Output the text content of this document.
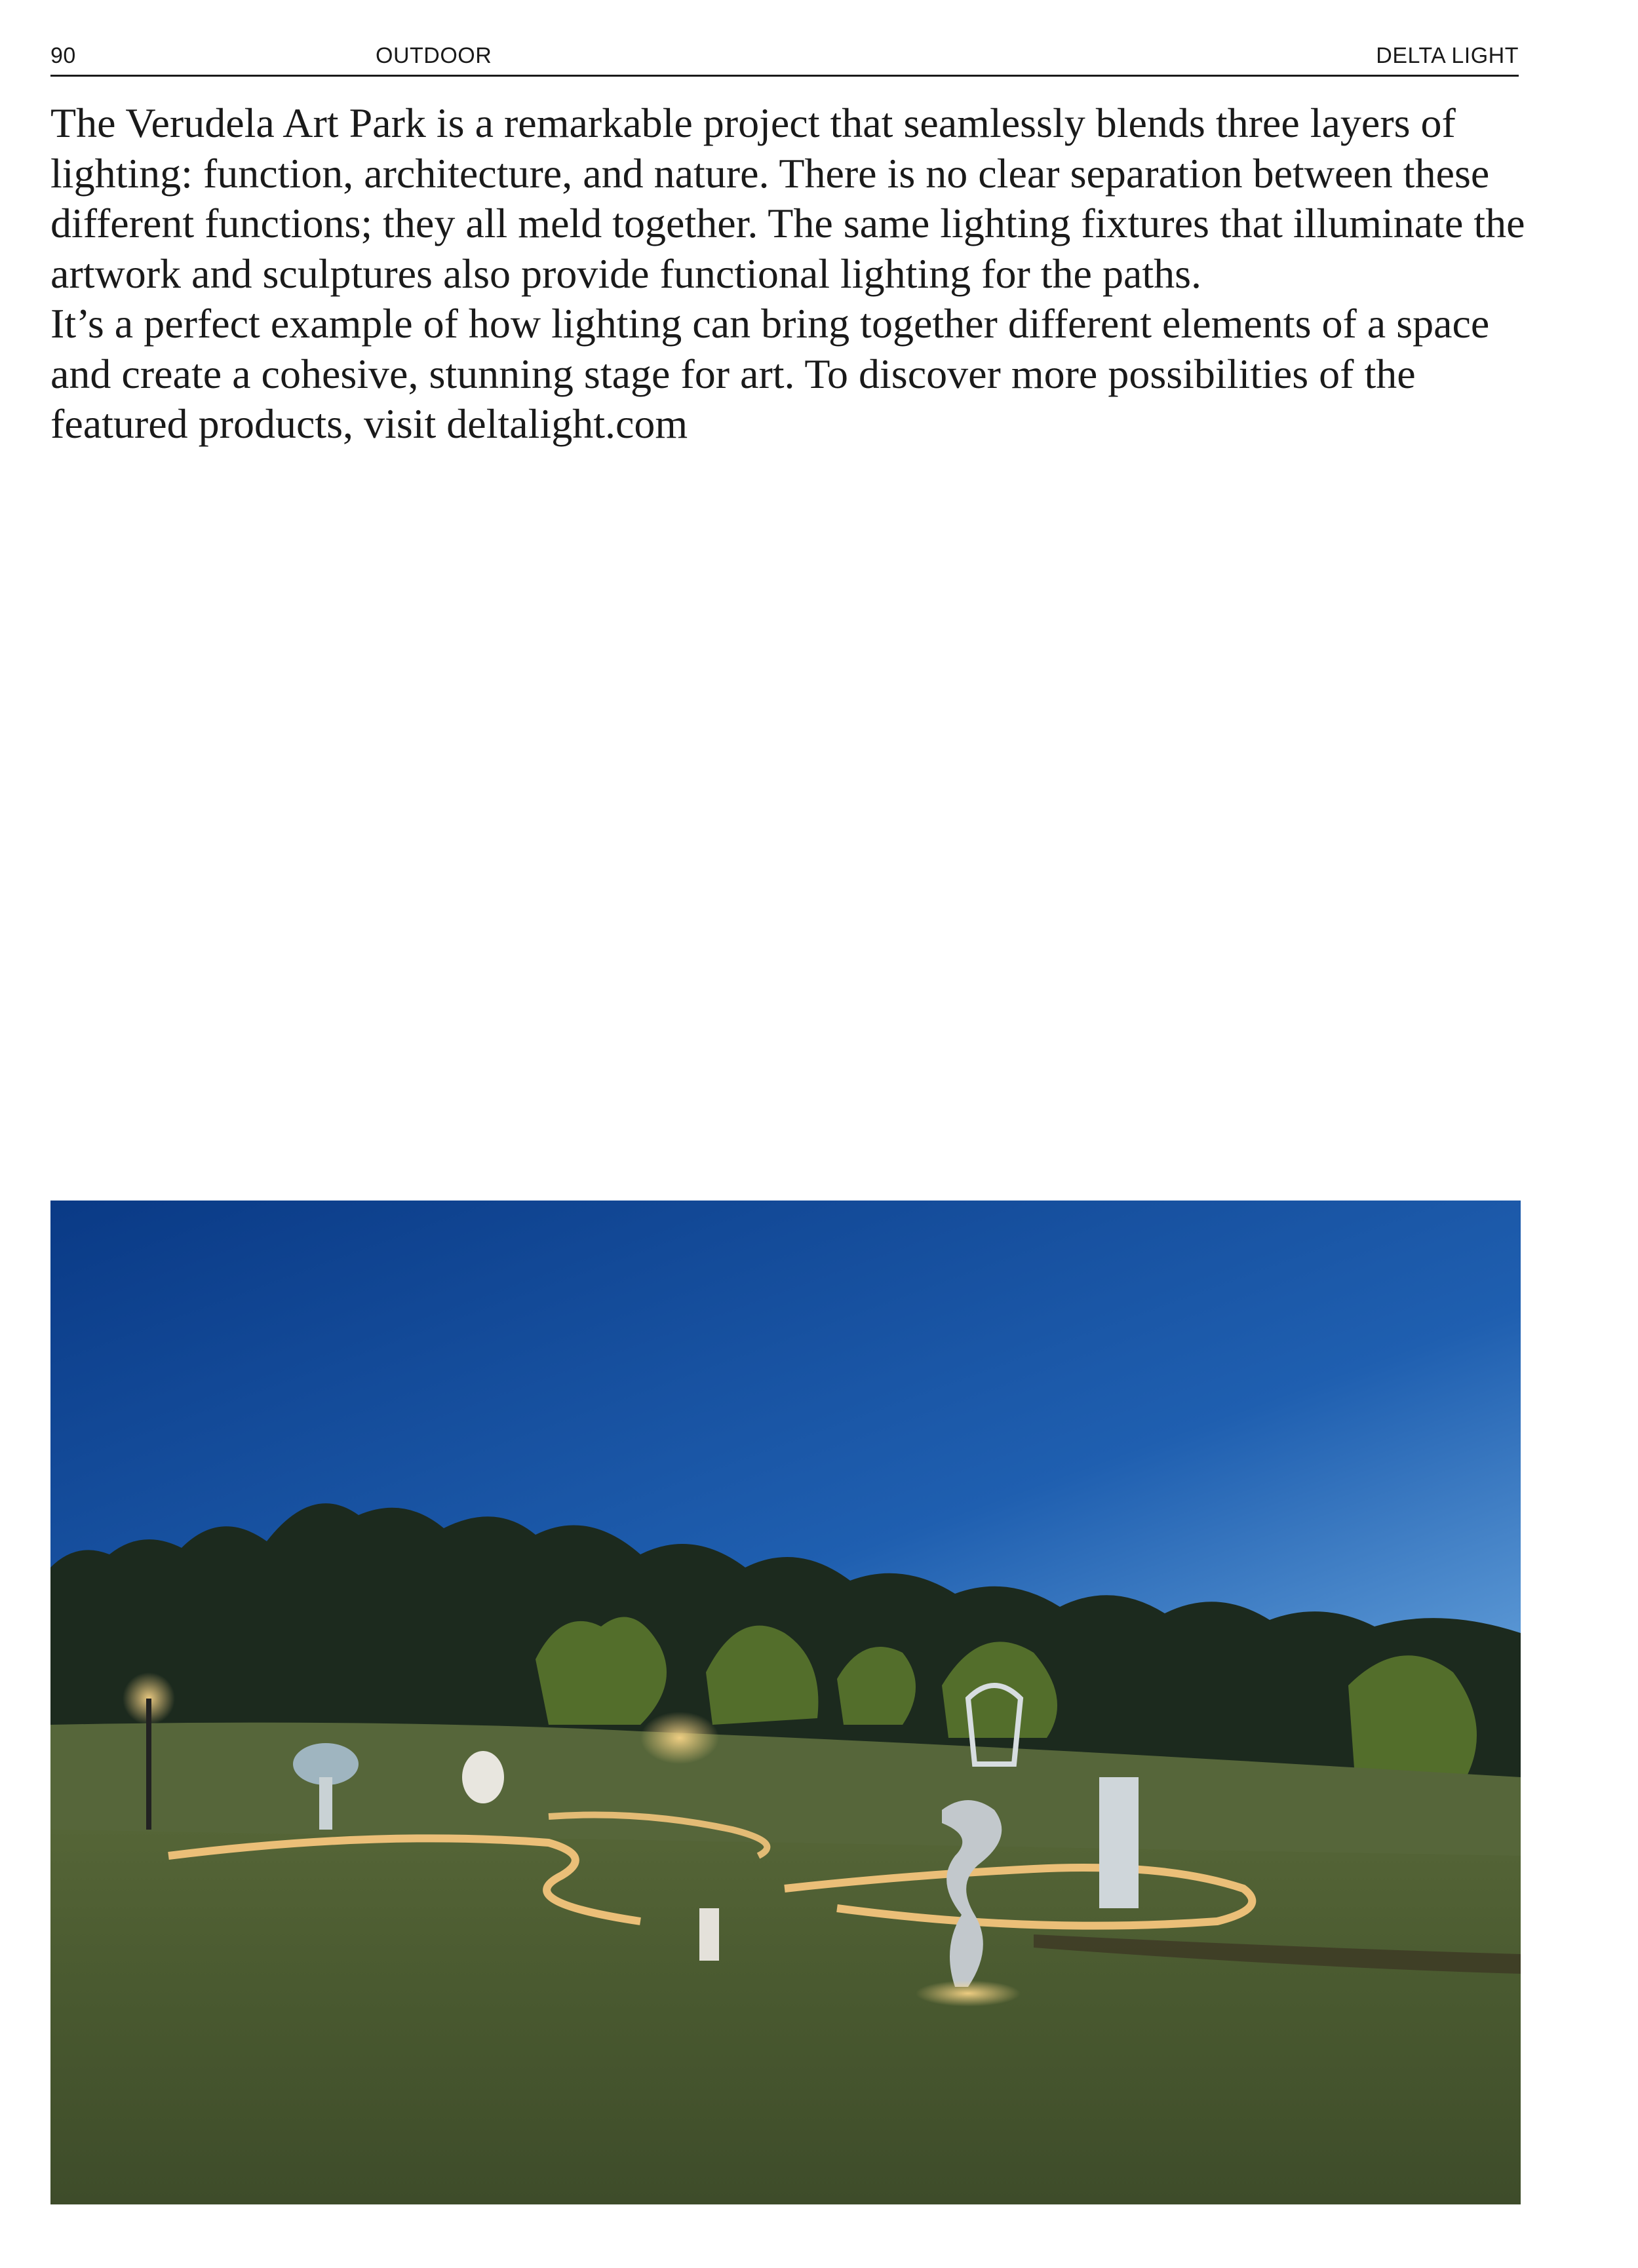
90	OUTDOOR	DELTA LIGHT

The Verudela Art Park is a remarkable project that seamlessly blends three layers of lighting: function, architecture, and nature. There is no clear separation between these different functions; they all meld together. The same lighting fixtures that illuminate the artwork and sculptures also provide functional lighting for the paths.

It’s a perfect example of how lighting can bring together different elements of a space and create a cohesive, stunning stage for art. To discover more possibilities of the featured products, visit deltalight.com
